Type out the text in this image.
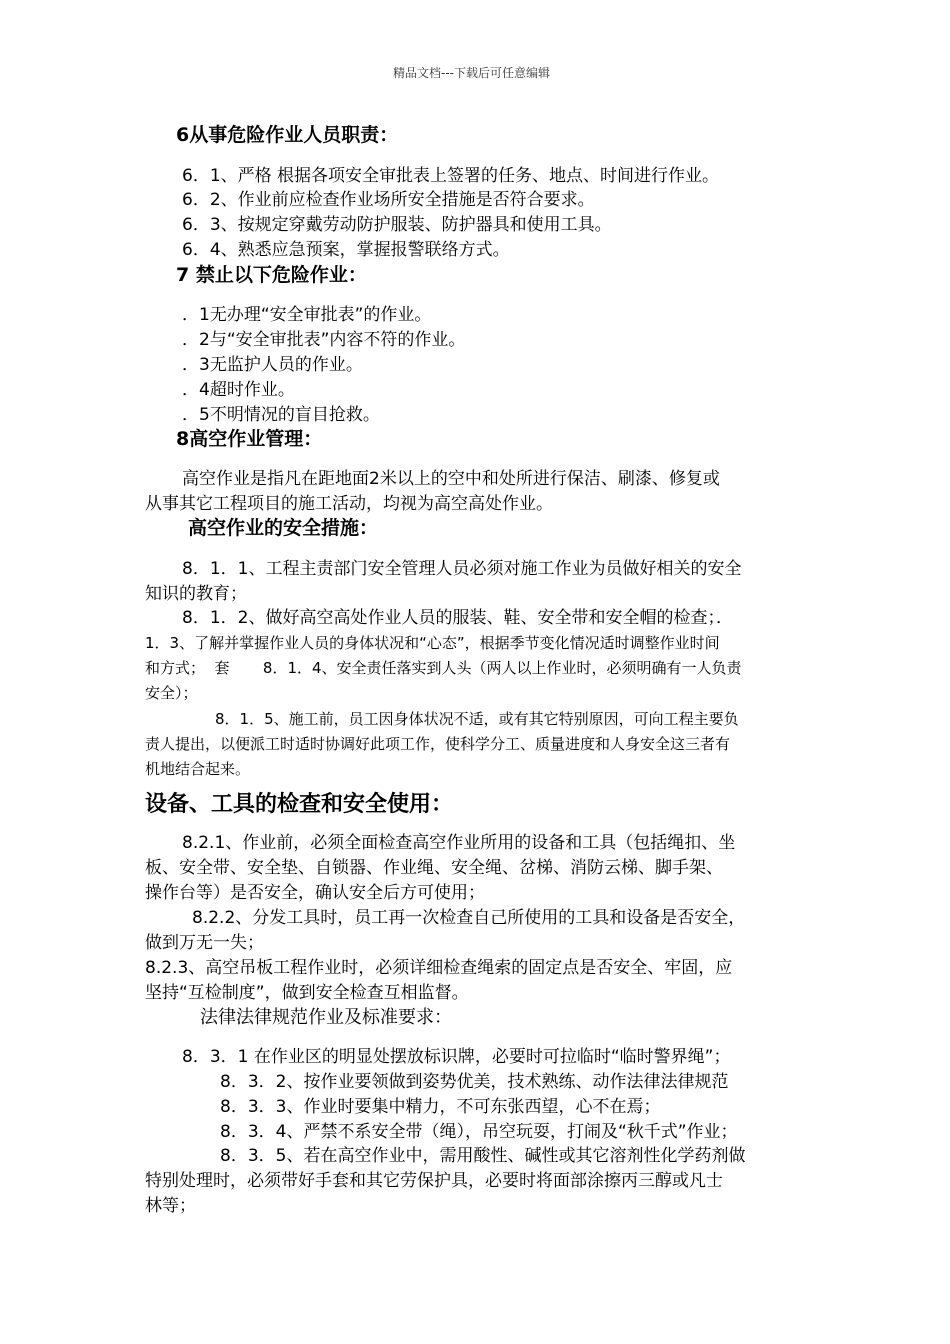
精品文档---下载后可任意编辑
6从事危险作业人员职责：
6．1、严格 根据各项安全审批表上签署的任务、地点、时间进行作业。
6．2、作业前应检查作业场所安全措施是否符合要求。
6．3、按规定穿戴劳动防护服装、防护器具和使用工具。
6．4、熟悉应急预案，掌握报警联络方式。
7 禁止以下危险作业：
．1无办理“安全审批表”的作业。
．2与“安全审批表”内容不符的作业。
．3无监护人员的作业。
．4超时作业。
．5不明情况的盲目抢救。
8高空作业管理：
高空作业是指凡在距地面2米以上的空中和处所进行保洁、刷漆、修复或
从事其它工程项目的施工活动，均视为高空高处作业。
高空作业的安全措施：
8．1．1、工程主责部门安全管理人员必须对施工作业为员做好相关的安全
知识的教育；
8．1．2、做好高空高处作业人员的服装、鞋、安全带和安全帽的检查；．
1．3、了解并掌握作业人员的身体状况和“心态”，根据季节变化情况适时调整作业时间
和方式；  套       8．1．4、安全责任落实到人头（两人以上作业时，必须明确有一人负责
安全）；
8．1．5、施工前，员工因身体状况不适，或有其它特别原因，可向工程主要负
责人提出，以便派工时适时协调好此项工作，使科学分工、质量进度和人身安全这三者有
机地结合起来。
设备、工具的检查和安全使用：
8.2.1、作业前，必须全面检查高空作业所用的设备和工具（包括绳扣、坐
板、安全带、安全垫、自锁器、作业绳、安全绳、岔梯、消防云梯、脚手架、
操作台等）是否安全，确认安全后方可使用；
8.2.2、分发工具时，员工再一次检查自己所使用的工具和设备是否安全，
做到万无一失；
8.2.3、高空吊板工程作业时，必须详细检查绳索的固定点是否安全、牢固，应
坚持“互检制度”，做到安全检查互相监督。
法律法律规范作业及标准要求：
8．3．1 在作业区的明显处摆放标识牌，必要时可拉临时“临时警界绳”；
8．3．2、按作业要领做到姿势优美，技术熟练、动作法律法律规范
8．3．3、作业时要集中精力，不可东张西望，心不在焉；
8．3．4、严禁不系安全带（绳），吊空玩耍，打闹及“秋千式”作业；
8．3．5、若在高空作业中，需用酸性、碱性或其它溶剂性化学药剂做
特别处理时，必须带好手套和其它劳保护具，必要时将面部涂擦丙三醇或凡士
林等；
